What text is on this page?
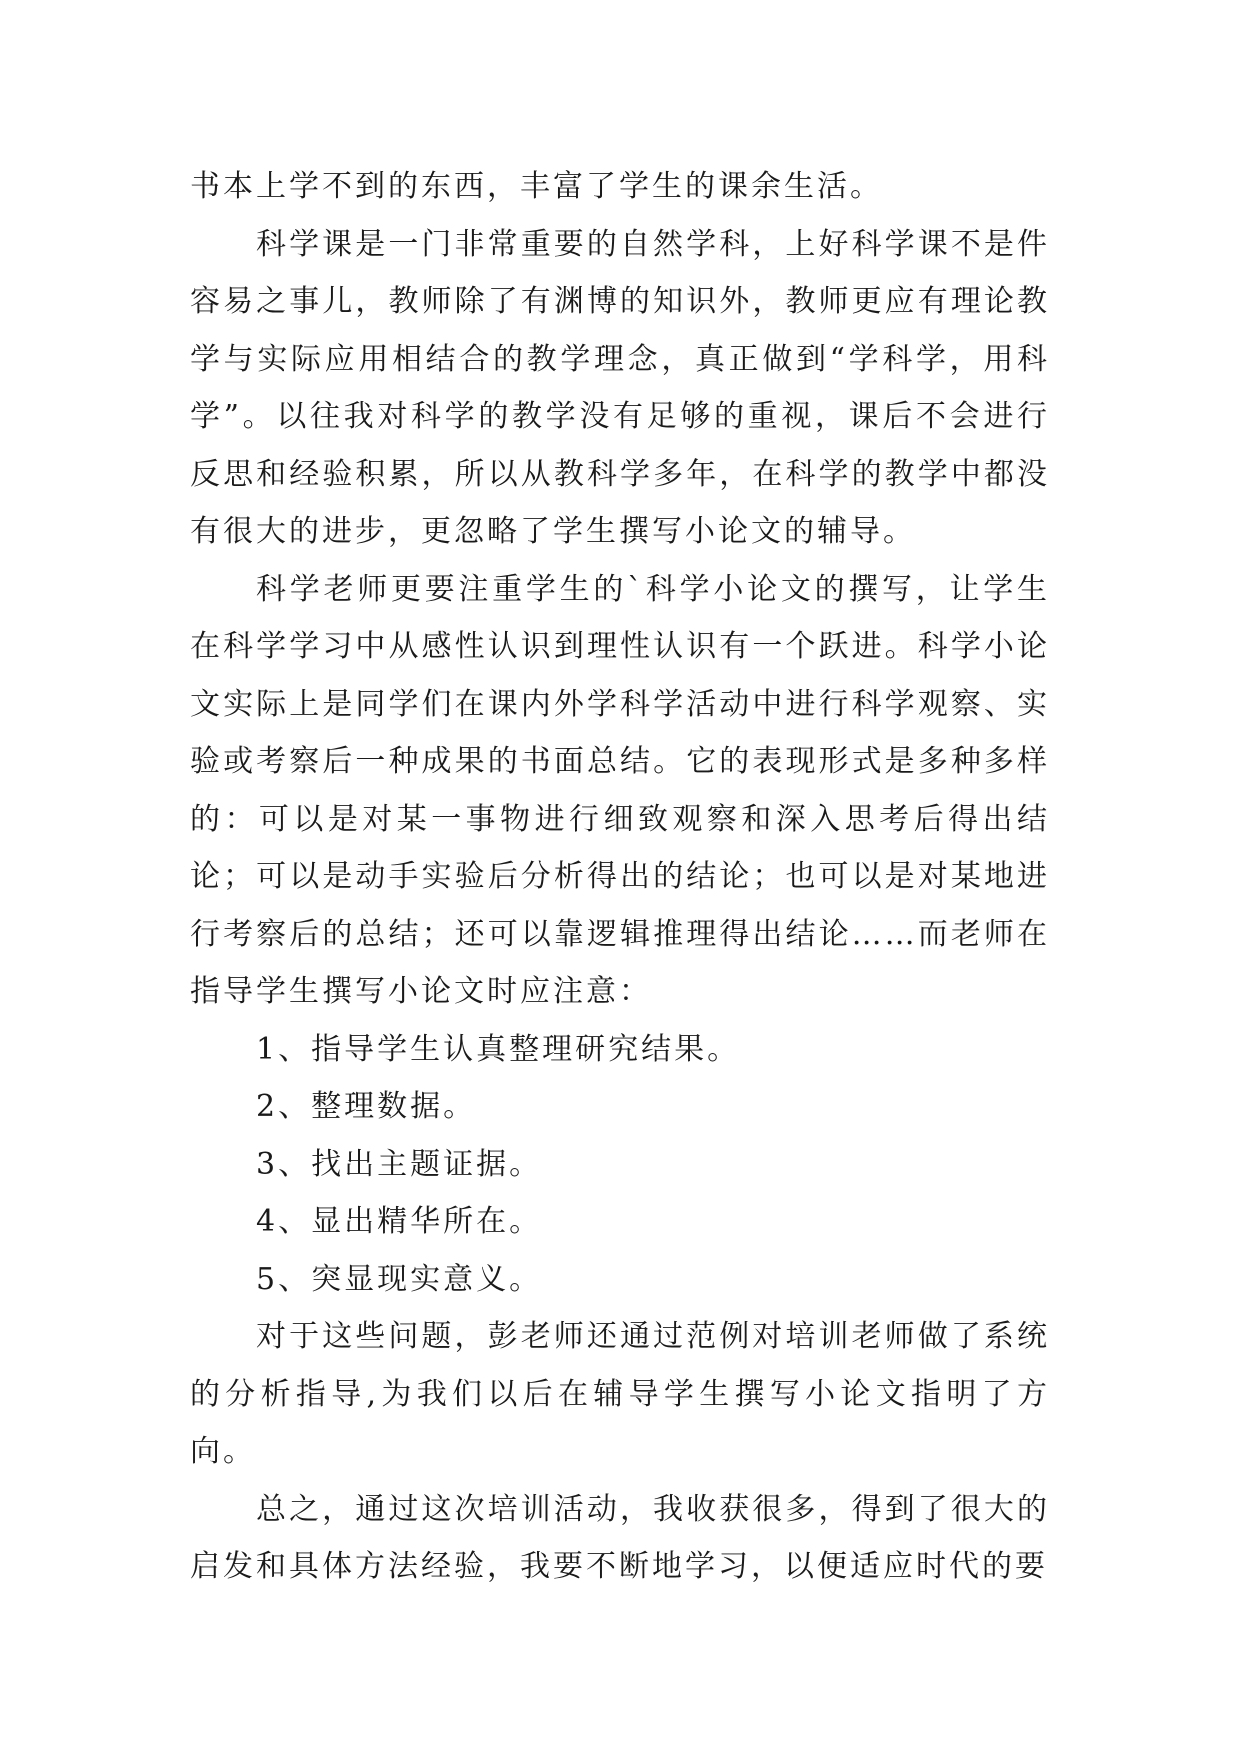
书本上学不到的东西，丰富了学生的课余生活。

科学课是一门非常重要的自然学科，上好科学课不是件容易之事儿，教师除了有渊博的知识外，教师更应有理论教学与实际应用相结合的教学理念，真正做到“学科学，用科学”。以往我对科学的教学没有足够的重视，课后不会进行反思和经验积累，所以从教科学多年，在科学的教学中都没有很大的进步，更忽略了学生撰写小论文的辅导。

科学老师更要注重学生的`科学小论文的撰写，让学生在科学学习中从感性认识到理性认识有一个跃进。科学小论文实际上是同学们在课内外学科学活动中进行科学观察、实验或考察后一种成果的书面总结。它的表现形式是多种多样的：可以是对某一事物进行细致观察和深入思考后得出结论；可以是动手实验后分析得出的结论；也可以是对某地进行考察后的总结；还可以靠逻辑推理得出结论……而老师在指导学生撰写小论文时应注意：

1、指导学生认真整理研究结果。

2、整理数据。

3、找出主题证据。

4、显出精华所在。

5、突显现实意义。

对于这些问题，彭老师还通过范例对培训老师做了系统的分析指导,为我们以后在辅导学生撰写小论文指明了方向。

总之，通过这次培训活动，我收获很多，得到了很大的启发和具体方法经验，我要不断地学习，以便适应时代的要
